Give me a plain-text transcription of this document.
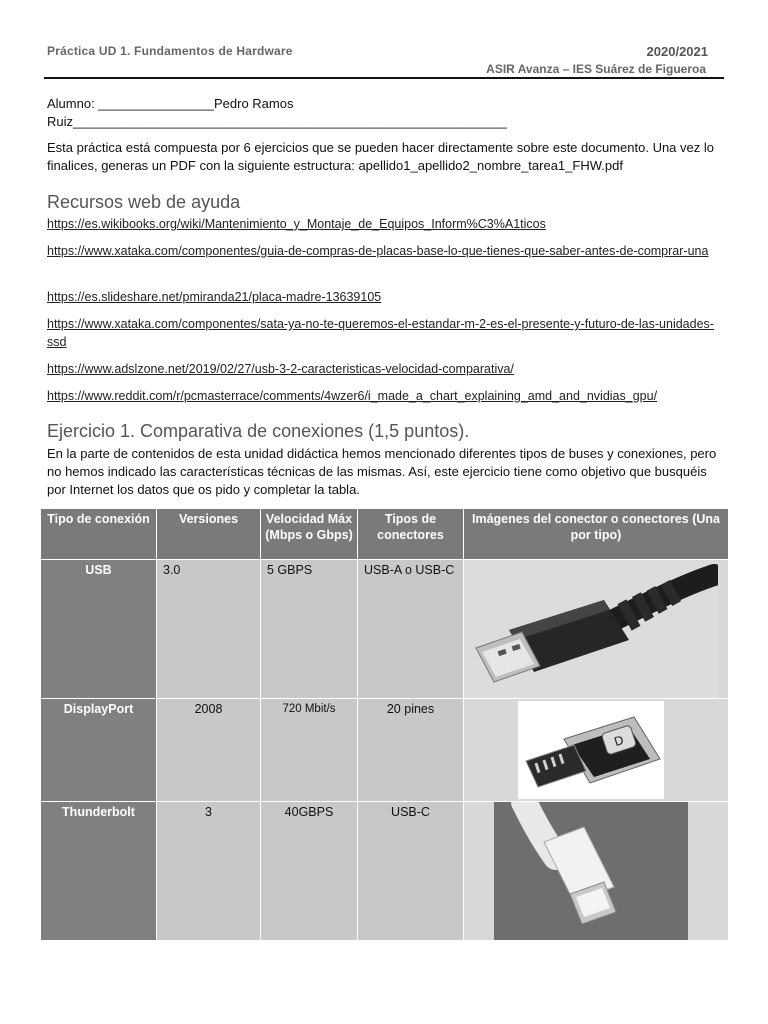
Práctica UD 1. Fundamentos de Hardware	2020/2021
ASIR Avanza – IES Suárez de Figueroa
Alumno: ________________Pedro Ramos
Ruiz____________________________________________________________
Esta práctica está compuesta por 6 ejercicios que se pueden hacer directamente sobre este documento. Una vez lo finalices, generas un PDF con la siguiente estructura: apellido1_apellido2_nombre_tarea1_FHW.pdf
Recursos web de ayuda
https://es.wikibooks.org/wiki/Mantenimiento_y_Montaje_de_Equipos_Inform%C3%A1ticos
https://www.xataka.com/componentes/guia-de-compras-de-placas-base-lo-que-tienes-que-saber-antes-de-comprar-una
https://es.slideshare.net/pmiranda21/placa-madre-13639105
https://www.xataka.com/componentes/sata-ya-no-te-queremos-el-estandar-m-2-es-el-presente-y-futuro-de-las-unidades-ssd
https://www.adslzone.net/2019/02/27/usb-3-2-caracteristicas-velocidad-comparativa/
https://www.reddit.com/r/pcmasterrace/comments/4wzer6/i_made_a_chart_explaining_amd_and_nvidias_gpu/
Ejercicio 1. Comparativa de conexiones (1,5 puntos).
En la parte de contenidos de esta unidad didáctica hemos mencionado diferentes tipos de buses y conexiones, pero no hemos indicado las características técnicas de las mismas. Así, este ejercicio tiene como objetivo que busquéis por Internet los datos que os pido y completar la tabla.
Tipo de conexión	Versiones	Velocidad Máx (Mbps o Gbps)	Tipos de conectores	Imágenes del conector o conectores (Una por tipo)
USB	3.0	5 GBPS	USB-A o USB-C	

DisplayPort	2008	720 Mbit/s	20 pines	D

Thunderbolt	3	40GBPS	USB-C	
